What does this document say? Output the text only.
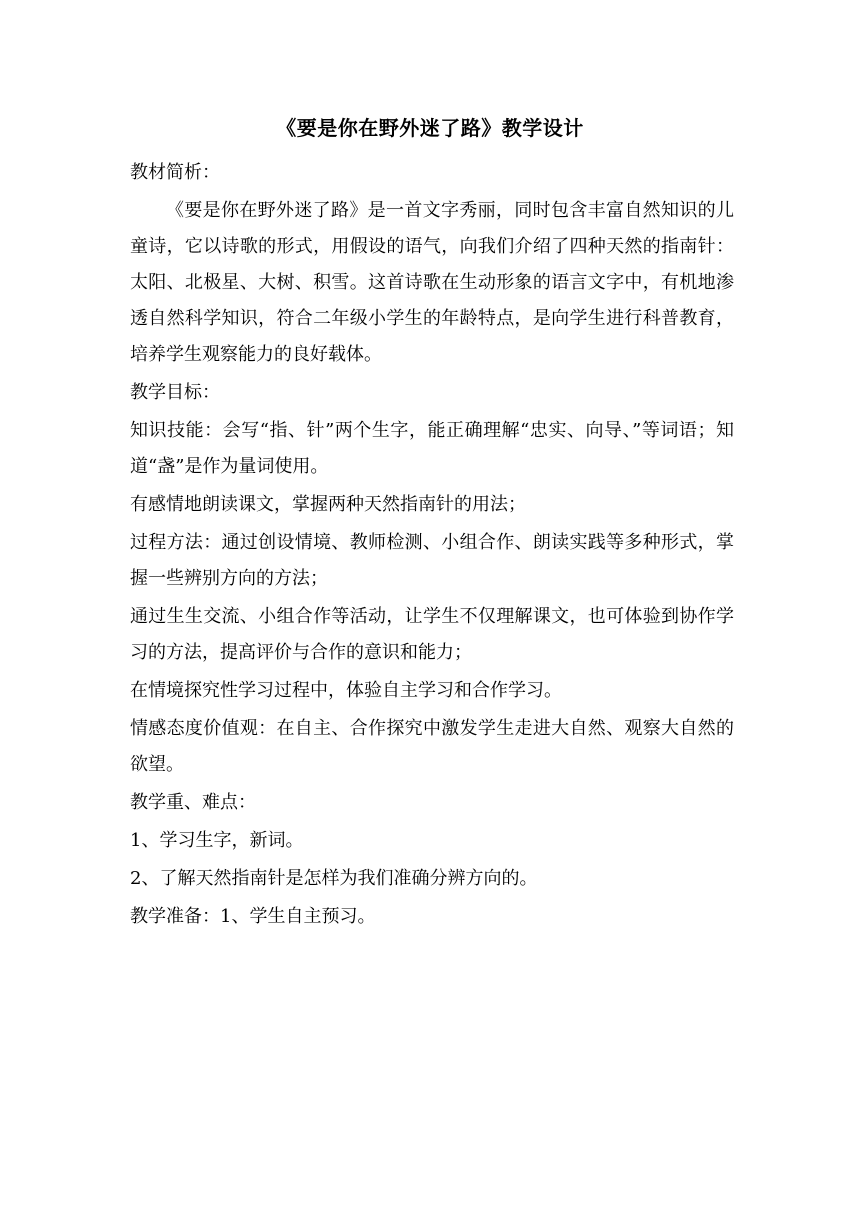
《要是你在野外迷了路》教学设计

教材简析：

《要是你在野外迷了路》是一首文字秀丽，同时包含丰富自然知识的儿童诗，它以诗歌的形式，用假设的语气，向我们介绍了四种天然的指南针：太阳、北极星、大树、积雪。这首诗歌在生动形象的语言文字中，有机地渗透自然科学知识，符合二年级小学生的年龄特点，是向学生进行科普教育，培养学生观察能力的良好载体。

教学目标：

知识技能：会写“指、针”两个生字，能正确理解“忠实、向导、”等词语；知道“盏”是作为量词使用。

有感情地朗读课文，掌握两种天然指南针的用法；

过程方法：通过创设情境、教师检测、小组合作、朗读实践等多种形式，掌握一些辨别方向的方法；

通过生生交流、小组合作等活动，让学生不仅理解课文，也可体验到协作学习的方法，提高评价与合作的意识和能力；

在情境探究性学习过程中，体验自主学习和合作学习。

情感态度价值观：在自主、合作探究中激发学生走进大自然、观察大自然的欲望。

教学重、难点：

1、学习生字，新词。

2、了解天然指南针是怎样为我们准确分辨方向的。

教学准备：1、学生自主预习。
